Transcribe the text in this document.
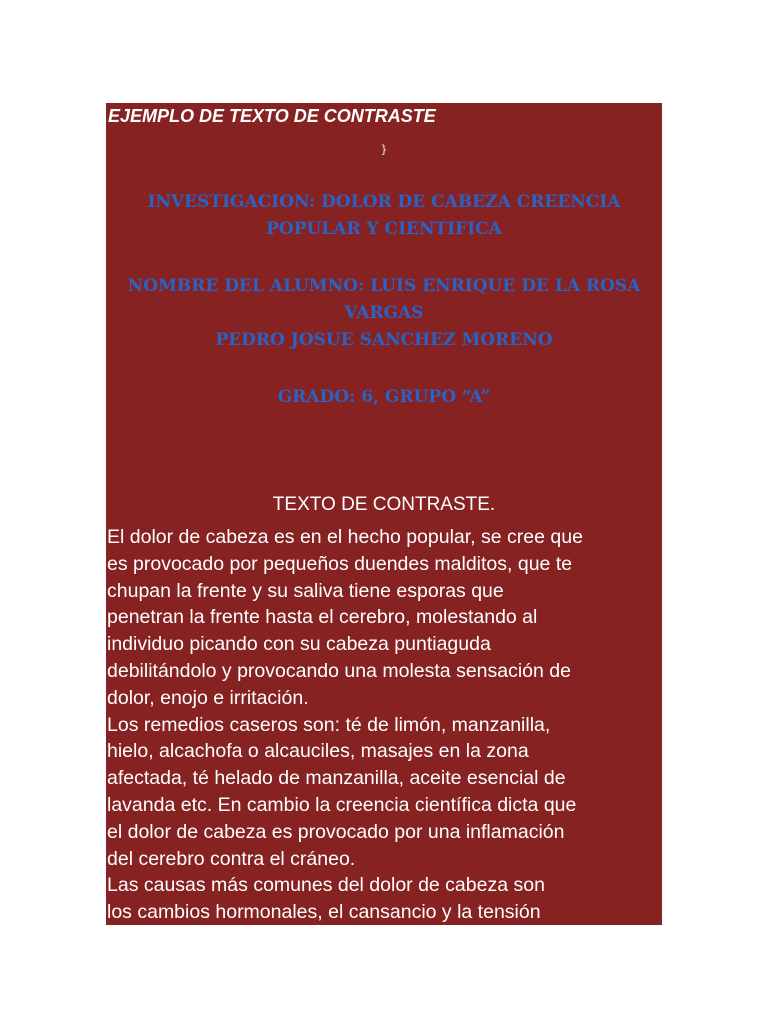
EJEMPLO DE TEXTO DE CONTRASTE
}
INVESTIGACION: DOLOR DE CABEZA CREENCIA
POPULAR Y CIENTIFICA
NOMBRE DEL ALUMNO: LUIS ENRIQUE DE LA ROSA
VARGAS
PEDRO JOSUE SANCHEZ MORENO
GRADO: 6, GRUPO “A”
TEXTO DE CONTRASTE.
El dolor de cabeza es en el hecho popular, se cree que
es provocado por pequeños duendes malditos, que te
chupan la frente y su saliva tiene esporas que
penetran la frente hasta el cerebro, molestando al
individuo picando con su cabeza puntiaguda
debilitándolo y provocando una molesta sensación de
dolor, enojo e irritación.
Los remedios caseros son: té de limón, manzanilla,
hielo, alcachofa o alcauciles, masajes en la zona
afectada, té helado de manzanilla, aceite esencial de
lavanda etc. En cambio la creencia científica dicta que
el dolor de cabeza es provocado por una inflamación
del cerebro contra el cráneo.
Las causas más comunes del dolor de cabeza son
los cambios hormonales, el cansancio y la tensión
